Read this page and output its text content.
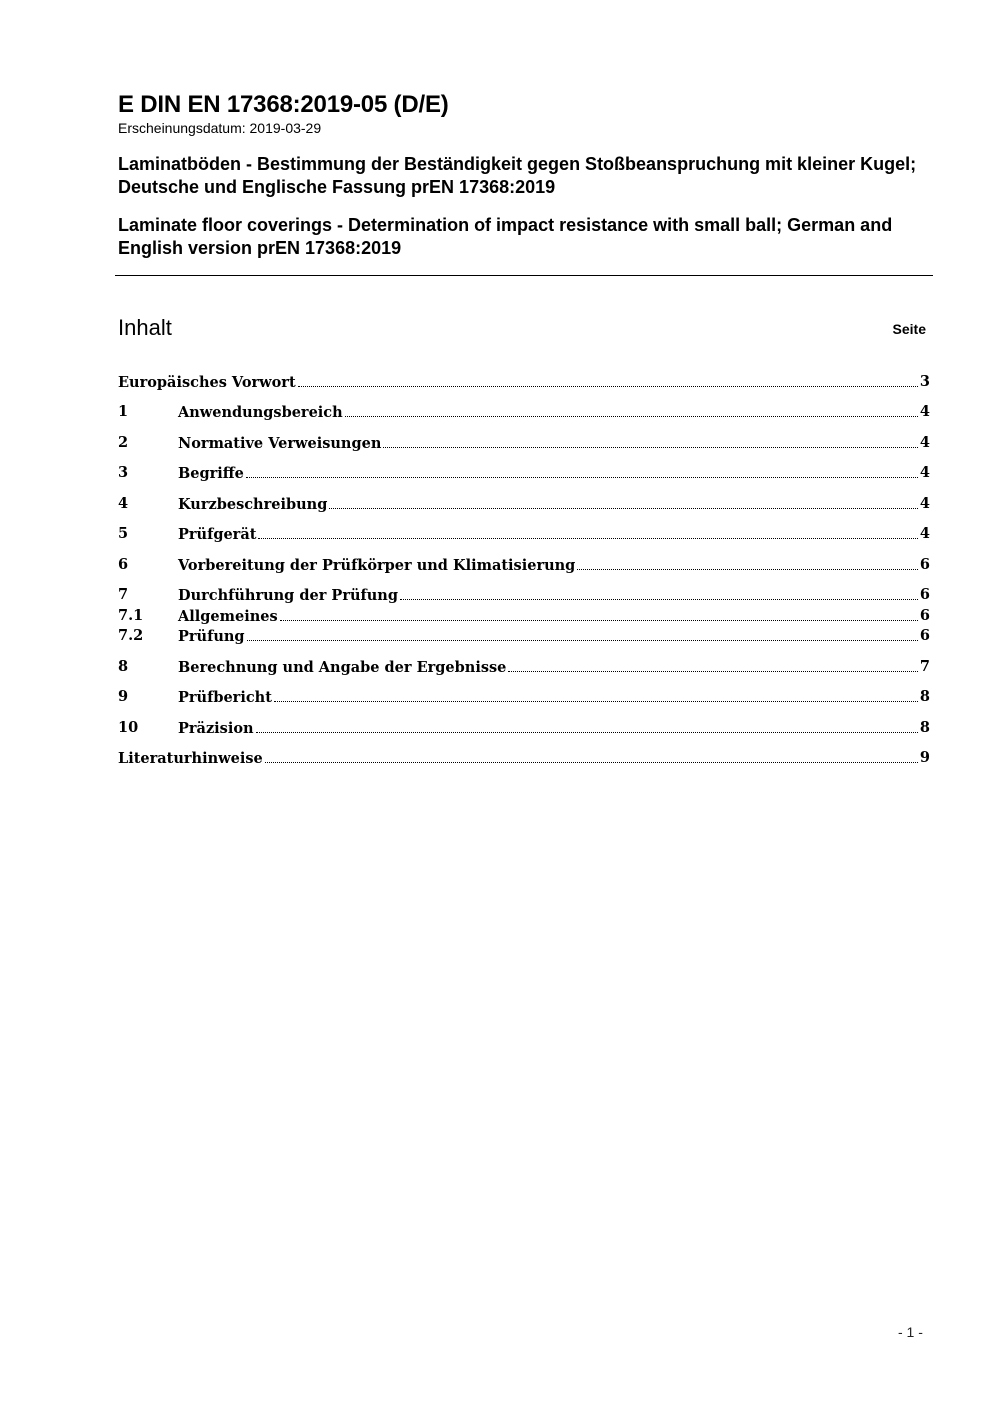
E DIN EN 17368:2019-05 (D/E)
Erscheinungsdatum: 2019-03-29
Laminatböden - Bestimmung der Beständigkeit gegen Stoßbeanspruchung mit kleiner Kugel; Deutsche und Englische Fassung prEN 17368:2019
Laminate floor coverings - Determination of impact resistance with small ball; German and English version prEN 17368:2019
Inhalt	Seite
Europäisches Vorwort	3
1	Anwendungsbereich	4
2	Normative Verweisungen	4
3	Begriffe	4
4	Kurzbeschreibung	4
5	Prüfgerät	4
6	Vorbereitung der Prüfkörper und Klimatisierung	6
7	Durchführung der Prüfung	6
7.1 Allgemeines	6
7.2 Prüfung	6
8	Berechnung und Angabe der Ergebnisse	7
9	Prüfbericht	8
10	Präzision	8
Literaturhinweise	9
- 1 -
